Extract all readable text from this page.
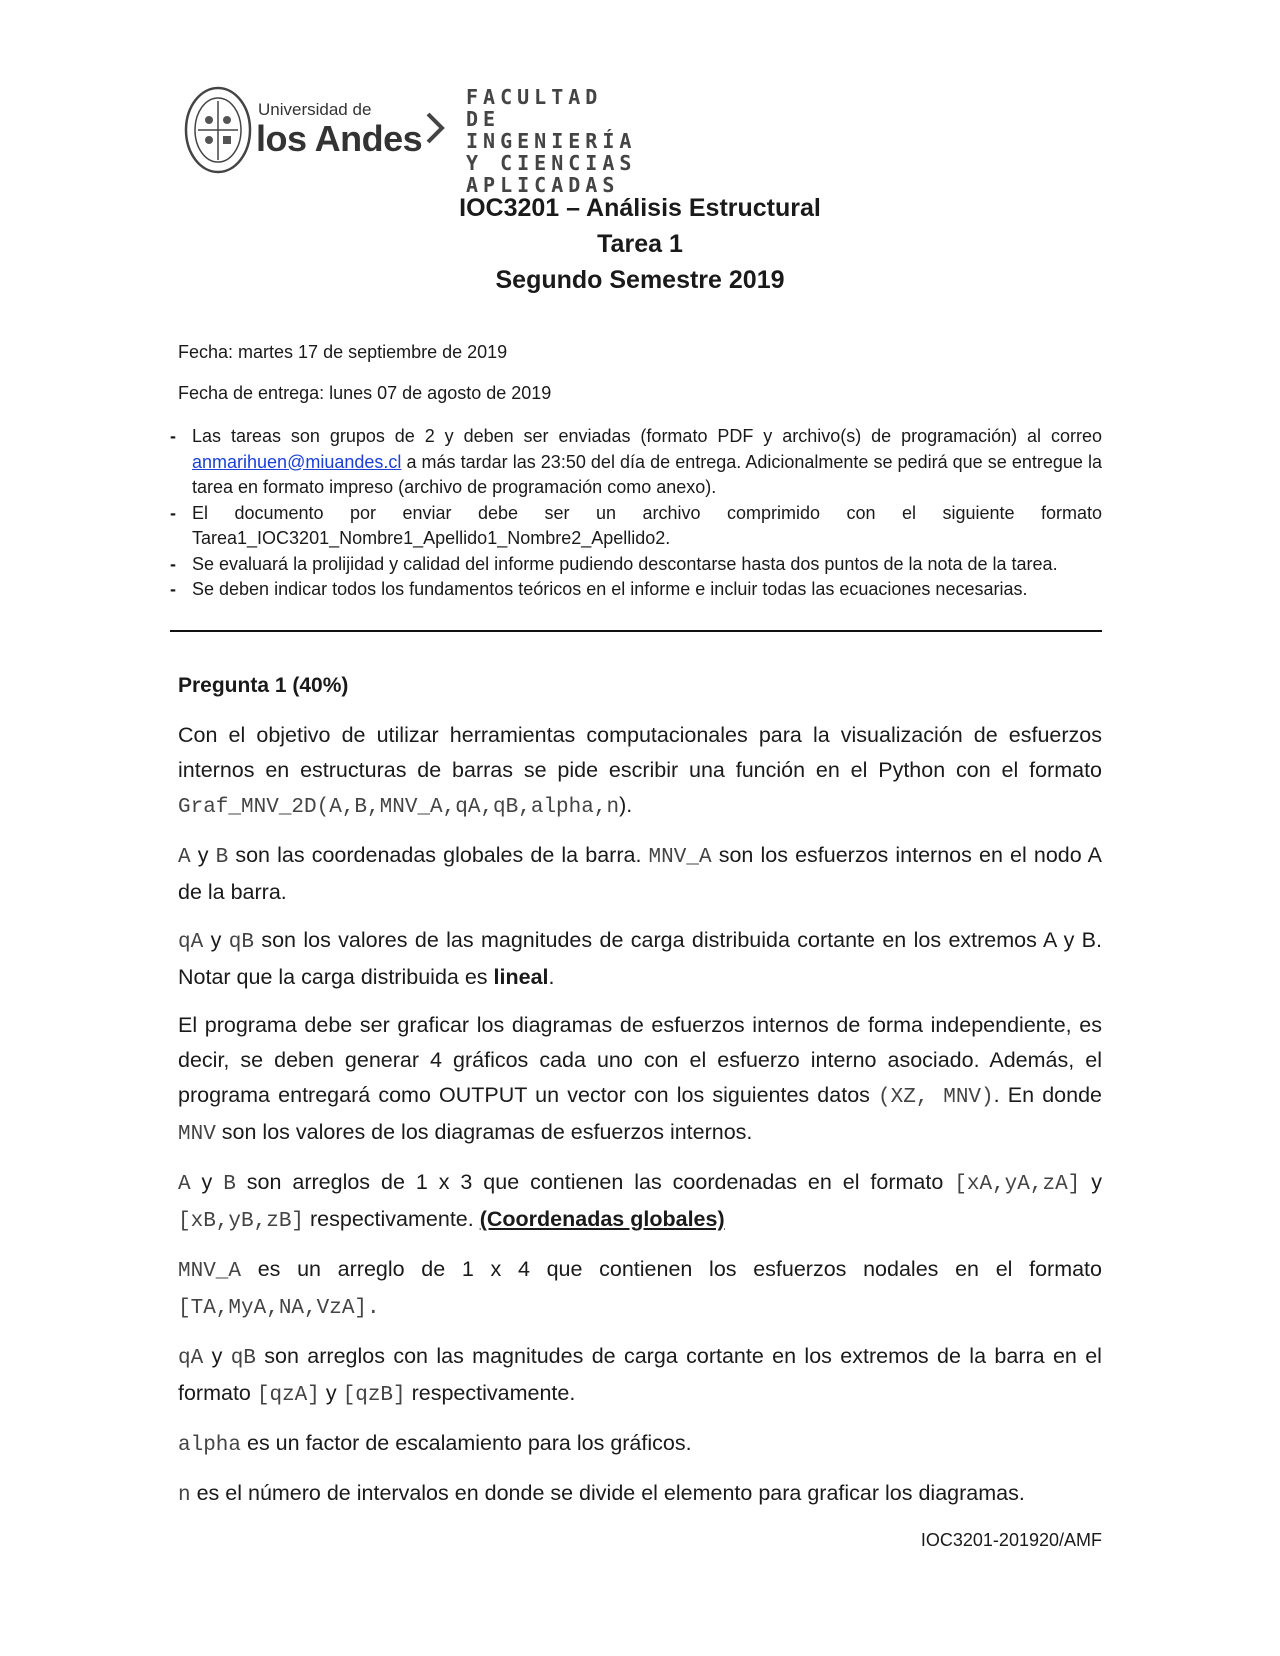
Universidad de
los Andes
FACULTAD
DE INGENIERÍA
Y CIENCIAS
APLICADAS
IOC3201 – Análisis Estructural
Tarea 1
Segundo Semestre 2019
Fecha: martes 17 de septiembre de 2019
Fecha de entrega: lunes 07 de agosto de 2019
- Las tareas son grupos de 2 y deben ser enviadas (formato PDF y archivo(s) de programación) al correo anmarihuen@miuandes.cl a más tardar las 23:50 del día de entrega. Adicionalmente se pedirá que se entregue la tarea en formato impreso (archivo de programación como anexo).
- El documento por enviar debe ser un archivo comprimido con el siguiente formato Tarea1_IOC3201_Nombre1_Apellido1_Nombre2_Apellido2.
- Se evaluará la prolijidad y calidad del informe pudiendo descontarse hasta dos puntos de la nota de la tarea.
- Se deben indicar todos los fundamentos teóricos en el informe e incluir todas las ecuaciones necesarias.
Pregunta 1 (40%)

Con el objetivo de utilizar herramientas computacionales para la visualización de esfuerzos internos en estructuras de barras se pide escribir una función en el Python con el formato Graf_MNV_2D(A,B,MNV_A,qA,qB,alpha,n).

A y B son las coordenadas globales de la barra. MNV_A son los esfuerzos internos en el nodo A de la barra.

qA y qB son los valores de las magnitudes de carga distribuida cortante en los extremos A y B. Notar que la carga distribuida es lineal.

El programa debe ser graficar los diagramas de esfuerzos internos de forma independiente, es decir, se deben generar 4 gráficos cada uno con el esfuerzo interno asociado. Además, el programa entregará como OUTPUT un vector con los siguientes datos (XZ, MNV). En donde MNV son los valores de los diagramas de esfuerzos internos.

A y B son arreglos de 1 x 3 que contienen las coordenadas en el formato [xA,yA,zA] y [xB,yB,zB] respectivamente. (Coordenadas globales)

MNV_A es un arreglo de 1 x 4 que contienen los esfuerzos nodales en el formato [TA,MyA,NA,VzA].

qA y qB son arreglos con las magnitudes de carga cortante en los extremos de la barra en el formato [qzA] y [qzB] respectivamente.

alpha es un factor de escalamiento para los gráficos.

n es el número de intervalos en donde se divide el elemento para graficar los diagramas.

IOC3201-201920/AMF
